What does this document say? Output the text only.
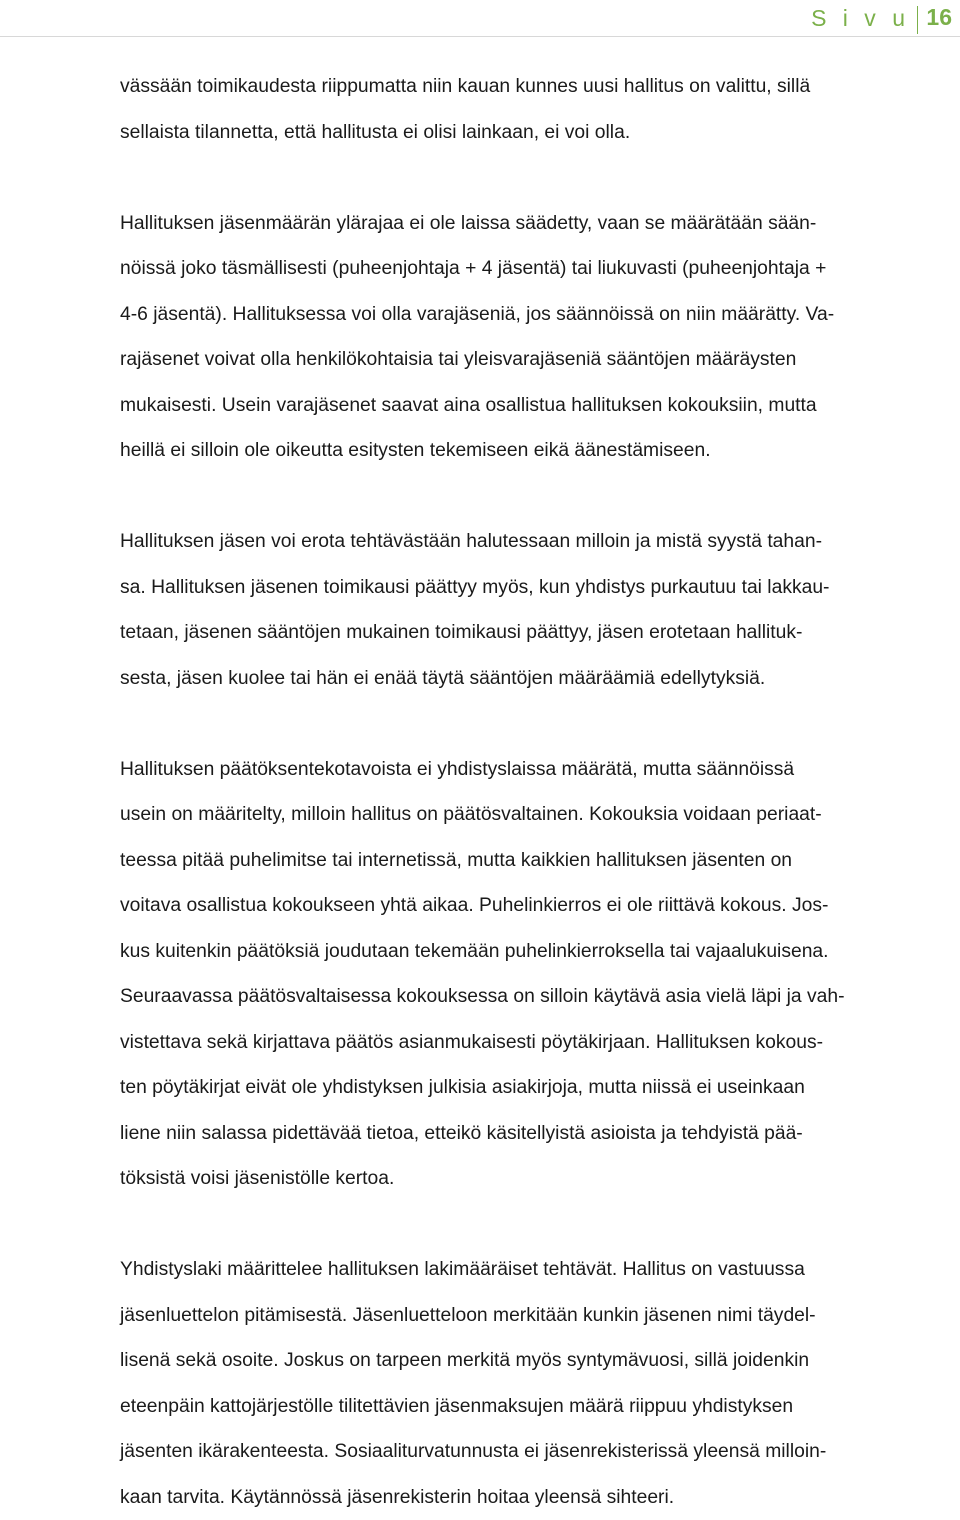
S i v u 16
vässään toimikaudesta riippumatta niin kauan kunnes uusi hallitus on valittu, sillä
sellaista tilannetta, että hallitusta ei olisi lainkaan, ei voi olla.
Hallituksen jäsenmäärän ylärajaa ei ole laissa säädetty, vaan se määrätään sään-
nöissä joko täsmällisesti (puheenjohtaja + 4 jäsentä) tai liukuvasti (puheenjohtaja +
4-6 jäsentä). Hallituksessa voi olla varajäseniä, jos säännöissä on niin määrätty. Va-
rajäsenet voivat olla henkilökohtaisia tai yleisvarajäseniä sääntöjen määräysten
mukaisesti. Usein varajäsenet saavat aina osallistua hallituksen kokouksiin, mutta
heillä ei silloin ole oikeutta esitysten tekemiseen eikä äänestämiseen.
Hallituksen jäsen voi erota tehtävästään halutessaan milloin ja mistä syystä tahan-
sa. Hallituksen jäsenen toimikausi päättyy myös, kun yhdistys purkautuu tai lakkau-
tetaan, jäsenen sääntöjen mukainen toimikausi päättyy, jäsen erotetaan hallituk-
sesta, jäsen kuolee tai hän ei enää täytä sääntöjen määräämiä edellytyksiä.
Hallituksen päätöksentekotavoista ei yhdistyslaissa määrätä, mutta säännöissä
usein on määritelty, milloin hallitus on päätösvaltainen. Kokouksia voidaan periaat-
teessa pitää puhelimitse tai internetissä, mutta kaikkien hallituksen jäsenten on
voitava osallistua kokoukseen yhtä aikaa. Puhelinkierros ei ole riittävä kokous. Jos-
kus kuitenkin päätöksiä joudutaan tekemään puhelinkierroksella tai vajaalukuisena.
Seuraavassa päätösvaltaisessa kokouksessa on silloin käytävä asia vielä läpi ja vah-
vistettava sekä kirjattava päätös asianmukaisesti pöytäkirjaan. Hallituksen kokous-
ten pöytäkirjat eivät ole yhdistyksen julkisia asiakirjoja, mutta niissä ei useinkaan
liene niin salassa pidettävää tietoa, etteikö käsitellyistä asioista ja tehdyistä pää-
töksistä voisi jäsenistölle kertoa.
Yhdistyslaki määrittelee hallituksen lakimääräiset tehtävät. Hallitus on vastuussa
jäsenluettelon pitämisestä. Jäsenluetteloon merkitään kunkin jäsenen nimi täydel-
lisenä sekä osoite. Joskus on tarpeen merkitä myös syntymävuosi, sillä joidenkin
eteenpäin kattojärjestölle tilitettävien jäsenmaksujen määrä riippuu yhdistyksen
jäsenten ikärakenteesta. Sosiaaliturvatunnusta ei jäsenrekisterissä yleensä milloin-
kaan tarvita. Käytännössä jäsenrekisterin hoitaa yleensä sihteeri.
